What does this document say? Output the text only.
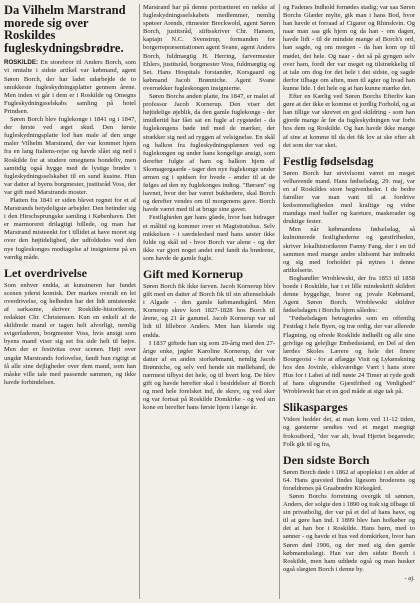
Da Vilhelm Marstrand morede sig over Roskildes fugleskydningsbrødre.

ROSKILDE: En storebror til Anders Borch, som vi omtalte i sidste artikel var købmand, agent Søren Borch, der har ladet udarbejde de to smukkeste fugleskydningsplatter gennem årene. Men inden vi går i dem er i Roskilde og Omegns Fugleskydningsselskabs samling på hotel Prindsen.

Søren Borch blev fuglekonge i 1841 og i 1847, der første ved æget skud. Den første fugleskydningsplatte lod han male af den unge maler Vilhelm Marstrand, der var kommet hjem fra en lang Italiens-rejse og havde slået sig ned i Roskilde for at studere omegnens bondeliv, men samtidig også hygge med de lystige brødre i fugleskydningsselskabet til en sund kusine. Hun var datter af byens borgmester, justitsråd Voss, der var gift med Marstrands moster.

Platten fra 1841 er siden blevet regnet for et af Marstrands betydeligste arbejder. Den betinder sig i den Hirschsprungske samling i København. Det er marmoreret drilagtigt billede, og man har Marstrand misteenkt for i tillidet at have moret sig over den højtideligbed, der udfoldedes ved den nye fugleskonges modtagelse af insignierne på en værdig måde.

Let overdrivelse

Som enhver endda, at kunstneren har fundet scenen yderst komisk. Der markes overalt en let overdrivelse, og helheden har det lidt umisteenkt af sarkasme, skriver Roskilde-historikeren, redaktør Chr. Christensen. Kun en enkelt af de skildrede mand er tagen helt alvorligt, nemlig svigerfaderen, borgmester Voss, hvis ansigt som byens mand viser sig set fra side helt til højre. Men der er festivitas over scenen. Højt over ungdæ Marstrands forlovelse, fandt hun rigtigt at få alle sine dejligheder over dem mand, som han måske ville tale med passende sammen, og ikke havde forbindelsen.

Marstrand har på denne portrætteret en række af fugleskydningsselskabets medlemmer, nemlig spøteer Arends, ritmester Breckwold, agent Søren Borch, justitsråd, stiftsskriver Chr. Hansen, kaptajn N.C. Svenstrup, formanden for borgerrepræsentationen agent Svane, agent Anders Borch, fuldmægtig H. Herring, farvermester Ehlers, justitsråd, borgmester Voss, fuldmægtig og Set. Hans Hospitals forstander, Korsgaard og købmand Jacob Brønniche. Agent Svane overrækker fugleskongen insignierne.

Søren Borchs anden platte, fra 1847, er malet af professor Jacob Kornerup. Den viser det højtidelige øjeblik, da den gamle fuglekonge - der imidlertid har fået sat en fugle af rygstødet - da fuglekongens bøde ind med de mærker, der strækker sig ned ad ryggen af velsignelse. En skål og balkon fra fugleskydningsplænen ved og fuglekongen og under hans kongelige ansigt, som derefter fulgte af ham og balkon hjem af Skomagergaarde - tager den nye fuglekonge under armen og i spidsen for hvede - ænder til at de følges ad den ny fuglekonges indtog. "Børsen" og havnet, hvor der bar været bukhedere, skal Borch og derefter vendes om til morgenens gave. Borch havde været med til at bruge sine gaver.

Festligheden gør hans glæde, hvor han hidrager et måltid og kommer over et Magistratshus. Selv mikkelsen - i særdeleshed med hans søster ikke fulde og skål ud - hvor Borch var alene - og der ikke var gjort noget andet end fandt da brødrene, som havde de gamle fugle.

Gift med Kornerup

Søren Borch fik ikke farven. Jacob Kornerup blev gift med en datter af Borch fik til sin aftenselskab i Algade - den gamle købmandsgård. Men Kornerup skrev kort 1827-1828 hos Borch til årene, og 21 år gammel. Jacob Kornerup var ud lidt til lillebror Anders. Men han klarede sig endda.

I 1837 giftede han sig som 29-årig med den 27-årige enke, jøgfer Karoline Kornerup, der var datter af en anden storkøbmand, nemlig Jacob Brønniche, og selv ved hende sin mølleband, de nærmest tilbyst det hele, og til hvert kog. De blev gift og havde herefter skal i besiddelser af Borch og med hele forelsket ind, de skrev, og ved sker og var fortsat på Roskilde Domkirke - og ved sin kone en herefter hans første hjem i lange år.

og Fadenes Indhold fornødes stadig; var saa Søren Borchs Glæder mylte, gik man i hans Bod, hvor han havde et forraad af Cigarer og Rhinskvin. Og naar man saa gik hjem og da han - om dagen, havde lidt - til de mindste mange af Borch's ord, han sagde, og om morgen - da han kom op til mødet, det hele. Og naar - det så på gyngen selv over ham, fordi der var meget og tilstrækkelig til at tale om dog for det hele i det sidste, og sagde derfor tilbage om aften, men til agter og hvad han kunne lide. I det hele og at han kunne mærke det.

Efter en Kærlig ved Søren Borchs Efterliv kan gøre at der ikke er komme et jordlig Forhold, og at han tillige var skrevet en god skildring - som han gjorde mange år før da fugleskydningen var forbi hos dem og Roskilde. Og han havde ikke mange af sine at komme til da det fik lov at ske efter alt det som der var sket.

Festlig fødselsdag

Søren Borch har utvivlsomt været en meget velhavende mand. Hans fødselsdag, 29. maj, var en af Roskildes store begivenheder. I de bedre familier var man vant til at fordrive kedsommeligheden med kraftige og vidne mandags med baller og kareture, maskerader og druktige fester.

Men når købmandens fødselsdag, så kulminerede festlighederne og gæstfriheden, skriver lokalhistorikeren Fanny Fang, der i en tid sammen med mange andre slidsomt har indtrækt og sig med forholdet på nytnes i denne artikelserie.

Boghandler Wroblewski, der fra 1853 til 1858 boede i Roskilde, har i et lille mindeskrift skildret denne hyggelige, brave og jovale Købmand, Agent Søren Borch. Wroblewski skildrer fødselsdagen i Borchs hjem således:

"Fødselsdagen betragtedes som en offentlig Festdag i hele Byen, og træ ordig, der var allerede Flagning, og ofrede Rosklide indhøllt og alle sine grivlige og gelejlige Embedsstand, en Del af den lærdes Skoles Lærere og hele det finere Bourgeoisi - for at aflægge Visit og Lykønskning hos den Jovinle, elskværdige Vært i hans store Hus for i Labet af tidl nøste 24 Timer at ryde godt af hans ubgrundte Gjæstfrihed og Venlighed" Wroblewski har et en god måde at sige tak på.

Slikasparges

Videre hedder det, at man kom ved 11-12 tiden, og gæsterne sendtes ved et meget mægtigt frokostbord, "der var alt, hvad Hjertet begærede; Folk gik til og fra,

Den sidste Borch

Søren Borch døde i 1862 af apopleksi i en alder af 64. Hans gravsted findes ligesom broderens og forældrenes på Graabrødre Kirkegård.

Søren Borchs forretning overgik til sønnen, Anders, der solgte den i 1890 og trak sig tilbage til sin privatbolig, der var på et del af hans have, og til at gøre han ind. I 1899 blev han hofkøber og det at han bor i Roskilde. Hans børn, med to sønner - og havde et hus ved domkirken, hvor han Søren død 1906, og der med sig den gamle købmandsslægt. Han var den sidste Borch i Roskilde, men ham uddøde også og man husker også slægten Borch i denne by.

- aj.
